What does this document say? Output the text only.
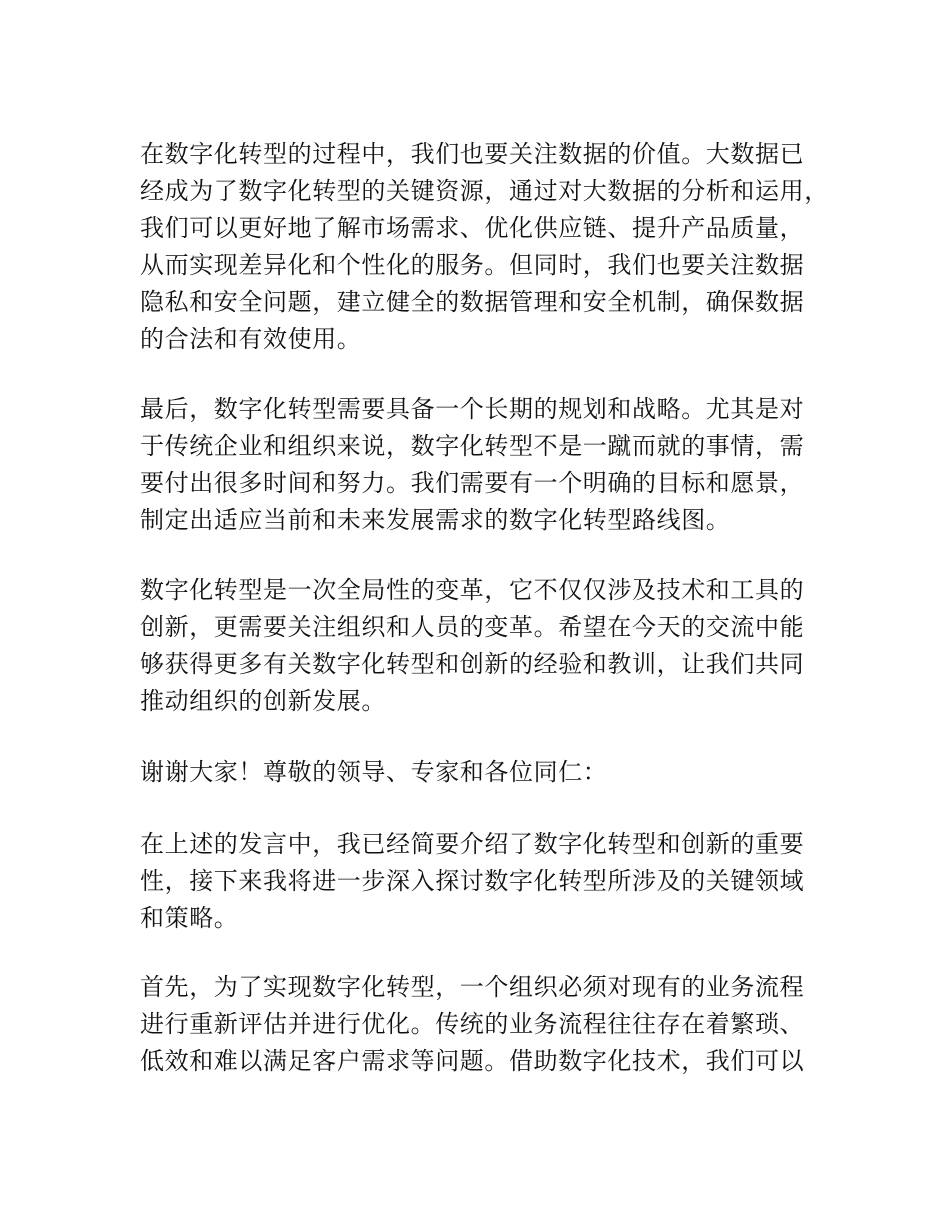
在数字化转型的过程中，我们也要关注数据的价值。大数据已
经成为了数字化转型的关键资源，通过对大数据的分析和运用，
我们可以更好地了解市场需求、优化供应链、提升产品质量，
从而实现差异化和个性化的服务。但同时，我们也要关注数据
隐私和安全问题，建立健全的数据管理和安全机制，确保数据
的合法和有效使用。
最后，数字化转型需要具备一个长期的规划和战略。尤其是对
于传统企业和组织来说，数字化转型不是一蹴而就的事情，需
要付出很多时间和努力。我们需要有一个明确的目标和愿景，
制定出适应当前和未来发展需求的数字化转型路线图。
数字化转型是一次全局性的变革，它不仅仅涉及技术和工具的
创新，更需要关注组织和人员的变革。希望在今天的交流中能
够获得更多有关数字化转型和创新的经验和教训，让我们共同
推动组织的创新发展。
谢谢大家！尊敬的领导、专家和各位同仁：
在上述的发言中，我已经简要介绍了数字化转型和创新的重要
性，接下来我将进一步深入探讨数字化转型所涉及的关键领域
和策略。
首先，为了实现数字化转型，一个组织必须对现有的业务流程
进行重新评估并进行优化。传统的业务流程往往存在着繁琐、
低效和难以满足客户需求等问题。借助数字化技术，我们可以
